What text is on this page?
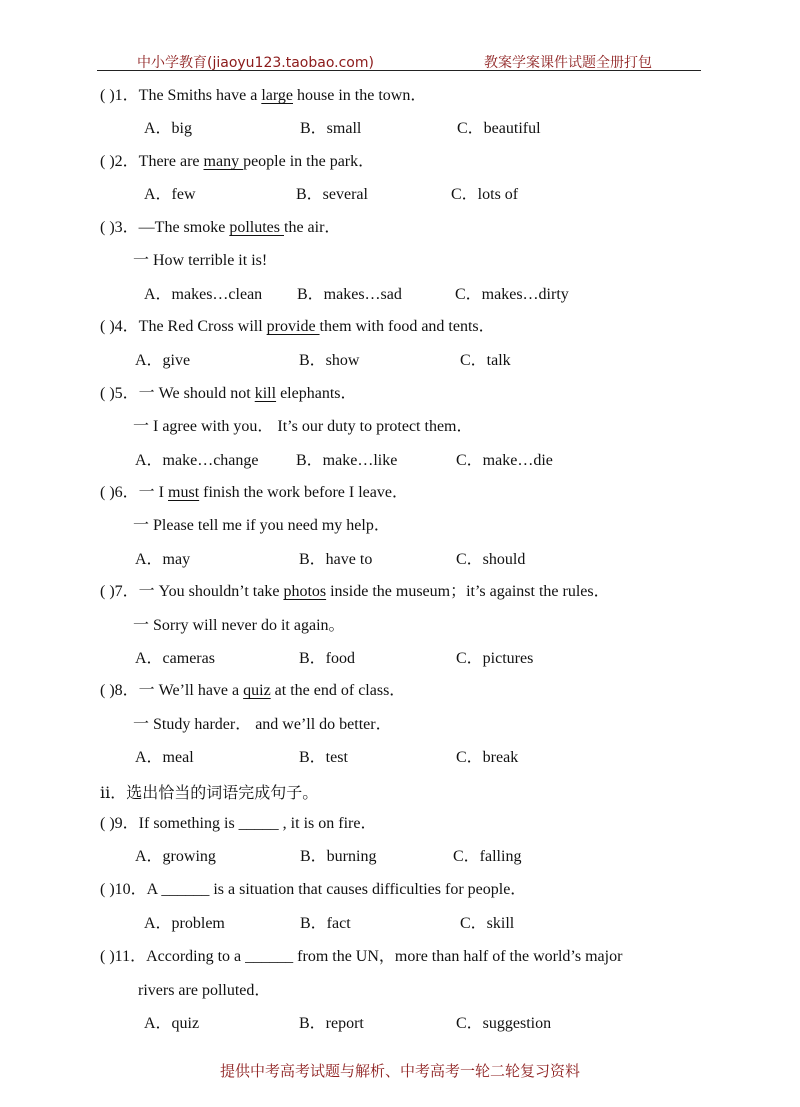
中小学教育(jiaoyu123.taobao.com)	教案学案课件试题全册打包
( )1．The Smiths have a large house in the town．
A．big	B．small	C．beautiful
( )2．There are many people in the park．
A．few	B．several	C．lots of
( )3．—The smoke pollutes the air．
一 How terrible it is!
A．makes…clean B．makes…sad	C．makes…dirty
( )4．The Red Cross will provide them with food and tents．
A．give	B．show	C．talk
( )5．一 We should not kill elephants．
一 I agree with you． It’s our duty to protect them．
A．make…change B．make…like	C．make…die
( )6．一 I must finish the work before I leave．
一 Please tell me if you need my help．
A．may	B．have to	C．should
( )7．一 You shouldn’t take photos inside the museum；it’s against the rules．
一 Sorry will never do it again。
A．cameras	B．food	C．pictures
( )8．一 We’ll have a quiz at the end of class．
一 Study harder． and we’ll do better．
A．meal	B．test	C．break
ii．选出恰当的词语完成句子。
( )9．If something is _____ , it is on fire．
A．growing	B．burning	C．falling
( )10．A ______ is a situation that causes difficulties for people．
A．problem	B．fact	C．skill
( )11．According to a ______ from the UN，more than half of the world’s major
rivers are polluted．
A．quiz	B．report	C．suggestion
提供中考高考试题与解析、中考高考一轮二轮复习资料
